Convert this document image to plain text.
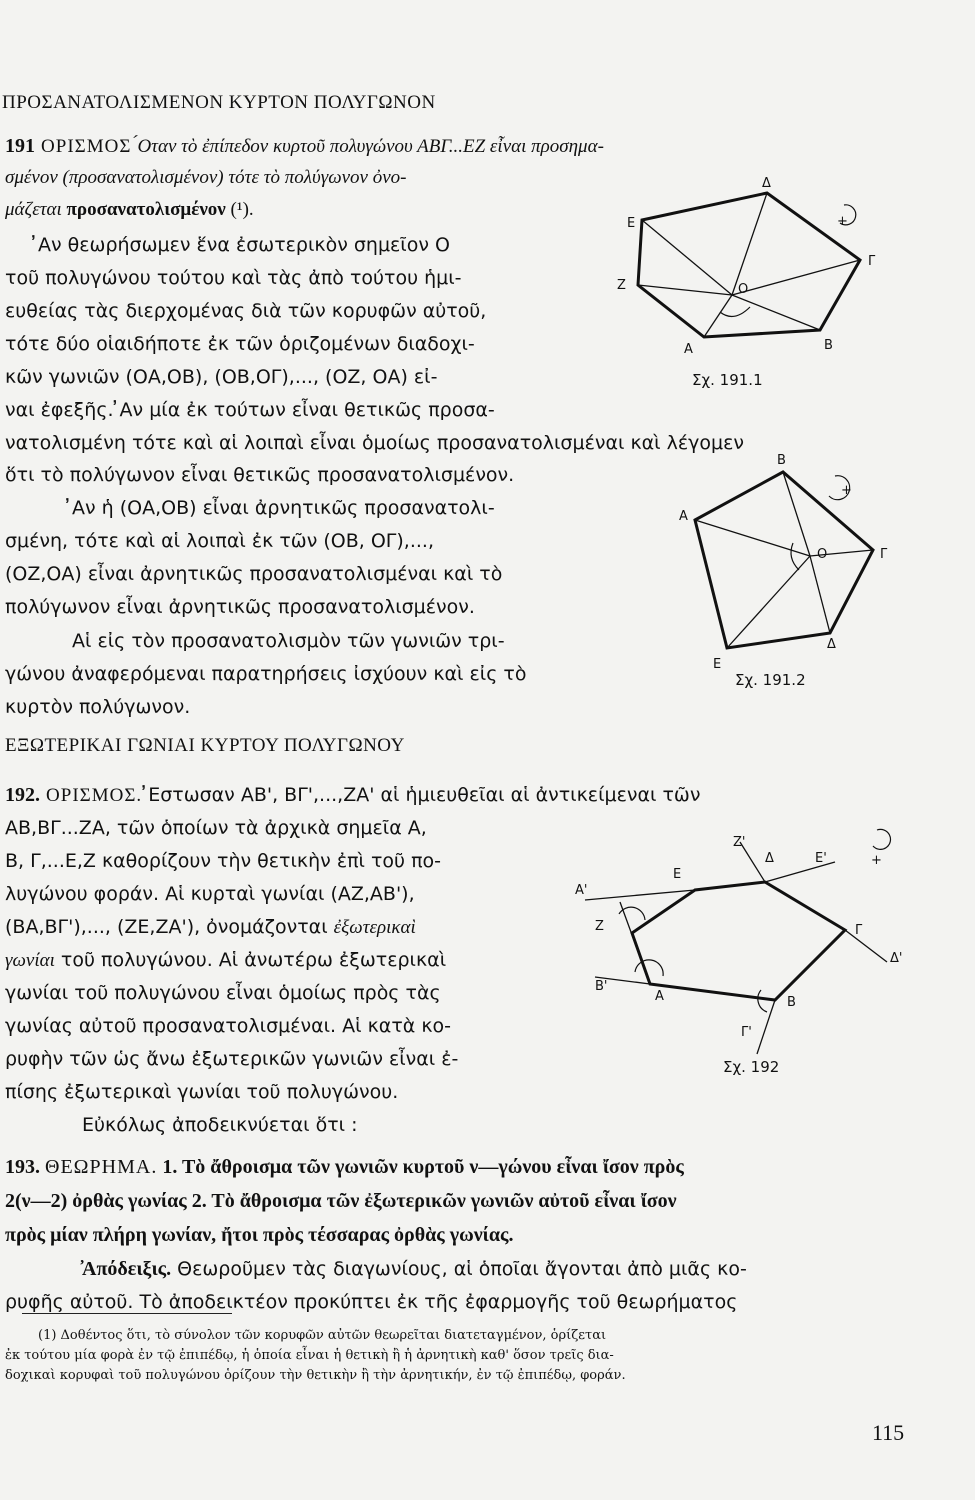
ΠΡΟΣΑΝΑΤΟΛΙΣΜΕΝΟΝ ΚΥΡΤΟΝ ΠΟΛΥΓΩΝΟΝ
191 ΟΡΙΣΜΟΣ ́Οταν τὸ ἐπίπεδον κυρτοῦ πολυγώνου ΑΒΓ...ΕΖ εἶναι προσημα-
σμένον (προσανατολισμένον) τότε τὸ πολύγωνον ὀνο-
μάζεται προσανατολισμένον (¹).
̓Αν θεωρήσωμεν ἕνα ἐσωτερικὸν σημεῖον Ο
τοῦ πολυγώνου τούτου καὶ τὰς ἀπὸ τούτου ἡμι-
ευθείας τὰς διερχομένας διὰ τῶν κορυφῶν αὐτοῦ,
τότε δύο οἱαιδήποτε ἐκ τῶν ὁριζομένων διαδοχι-
κῶν γωνιῶν (ΟΑ,ΟΒ), (ΟΒ,ΟΓ),..., (ΟΖ, ΟΑ) εἰ-
ναι ἐφεξῆς. ̓Αν μία ἐκ τούτων εἶναι θετικῶς προσα-
νατολισμένη τότε καὶ αἱ λοιπαὶ εἶναι ὁμοίως προσανατολισμέναι καὶ λέγομεν
ὅτι τὸ πολύγωνον εἶναι θετικῶς προσανατολισμένον.
̓Αν ἡ (ΟΑ,ΟΒ) εἶναι ἀρνητικῶς προσανατολι-
σμένη, τότε καὶ αἱ λοιπαὶ ἐκ τῶν (ΟΒ, ΟΓ),...,
(ΟΖ,ΟΑ) εἶναι ἀρνητικῶς προσανατολισμέναι καὶ τὸ
πολύγωνον εἶναι ἀρνητικῶς προσανατολισμένον.
Αἱ εἰς τὸν προσανατολισμὸν τῶν γωνιῶν τρι-
γώνου ἀναφερόμεναι παρατηρήσεις ἰσχύουν καὶ εἰς τὸ
κυρτὸν πολύγωνον.
ΕΞΩΤΕΡΙΚΑΙ ΓΩΝΙΑΙ ΚΥΡΤΟΥ ΠΟΛΥΓΩΝΟΥ
192. ΟΡΙΣΜΟΣ. ̓Εστωσαν ΑΒ', ΒΓ',...,ΖΑ' αἱ ἡμιευθεῖαι αἱ ἀντικείμεναι τῶν
ΑΒ,ΒΓ...ΖΑ, τῶν ὁποίων τὰ ἀρχικὰ σημεῖα Α,
Β, Γ,...Ε,Ζ καθορίζουν τὴν θετικὴν ἐπὶ τοῦ πο-
λυγώνου φοράν. Αἱ κυρταὶ γωνίαι (ΑΖ,ΑΒ'),
(ΒΑ,ΒΓ'),..., (ΖΕ,ΖΑ'), ὀνομάζονται ἐξωτερικαὶ
γωνίαι τοῦ πολυγώνου. Αἱ ἀνωτέρω ἐξωτερικαὶ
γωνίαι τοῦ πολυγώνου εἶναι ὁμοίως πρὸς τὰς
γωνίας αὐτοῦ προσανατολισμέναι. Αἱ κατὰ κο-
ρυφὴν τῶν ὡς ἄνω ἐξωτερικῶν γωνιῶν εἶναι ἐ-
πίσης ἐξωτερικαὶ γωνίαι τοῦ πολυγώνου.
Εὐκόλως ἀποδεικνύεται ὅτι :
193. ΘΕΩΡΗΜΑ. 1. Τὸ ἄθροισμα τῶν γωνιῶν κυρτοῦ ν—γώνου εἶναι ἴσον πρὸς
2(ν—2) ὀρθὰς γωνίας 2. Τὸ ἄθροισμα τῶν ἐξωτερικῶν γωνιῶν αὐτοῦ εἶναι ἴσον
πρὸς μίαν πλήρη γωνίαν, ἤτοι πρὸς τέσσαρας ὀρθὰς γωνίας.
̓Απόδειξις. Θεωροῦμεν τὰς διαγωνίους, αἱ ὁποῖαι ἄγονται ἀπὸ μιᾶς κο-
ρυφῆς αὐτοῦ. Τὸ ἀποδεικτέον προκύπτει ἐκ τῆς ἐφαρμογῆς τοῦ θεωρήματος
(1) Δοθέντος ὅτι, τὸ σύνολον τῶν κορυφῶν αὐτῶν θεωρεῖται διατεταγμένον, ὁρίζεται
ἐκ τούτου μία φορὰ ἐν τῷ ἐπιπέδῳ, ἡ ὁποία εἶναι ἡ θετικὴ ἢ ἡ ἀρνητικὴ καθ' ὅσον τρεῖς δια-
δοχικαὶ κορυφαὶ τοῦ πολυγώνου ὁρίζουν τὴν θετικὴν ἢ τὴν ἀρνητικήν, ἐν τῷ ἐπιπέδῳ, φοράν.
115
+
Δ
Ε
Γ
Ζ	Ο
Α	Β
Σχ. 191.1
+
Β
Α
Γ
Ο
Δ
Ε
Σχ. 191.2
+
Ζ'
Δ	Ε'
Ε
Α'
Ζ	Γ
Δ'
Β'
Α	Β
Γ'
Σχ. 192
